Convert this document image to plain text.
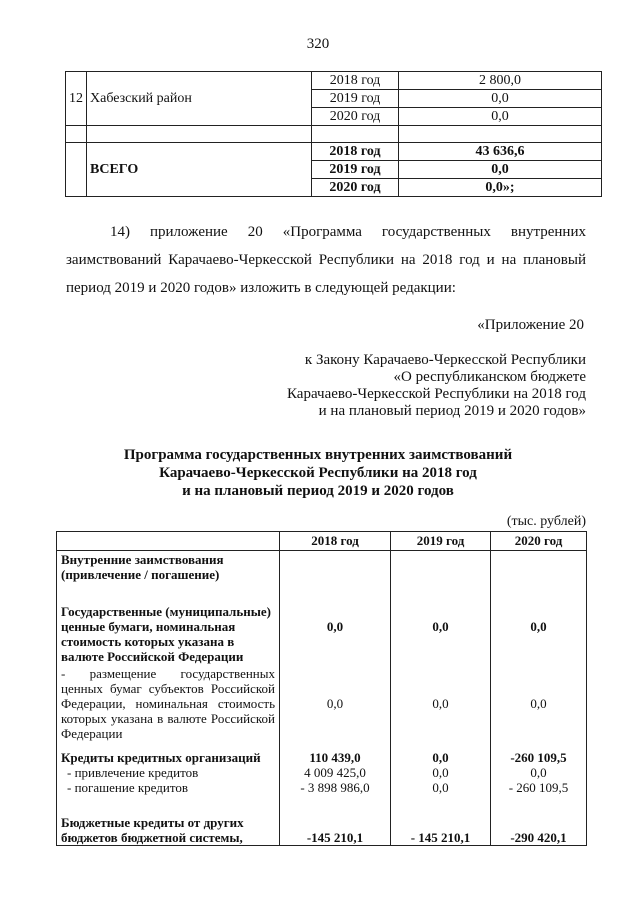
320
12	Хабезский район	2018 год	2 800,0
		2019 год	0,0
		2020 год	0,0

	ВСЕГО	2018 год	43 636,6
		2019 год	0,0
		2020 год	0,0»;

14) приложение 20 «Программа государственных внутренних

заимствований Карачаево-Черкесской Республики на 2018 год и на плановый

период 2019 и 2020 годов» изложить в следующей редакции:

«Приложение 20
к Закону Карачаево-Черкесской Республики
«О республиканском бюджете
Карачаево-Черкесской Республики на 2018 год
и на плановый период 2019 и 2020 годов»
Программа государственных внутренних заимствований
Карачаево-Черкесской Республики на 2018 год
и на плановый период 2019 и 2020 годов
(тыс. рублей)
	2018 год	2019 год	2020 год
Внутренние заимствования (привлечение / погашение)			
Государственные (муниципальные) ценные бумаги, номинальная стоимость которых указана в валюте Российской Федерации	0,0	0,0	0,0
- размещение государственных ценных бумаг субъектов Российской Федерации, номинальная стоимость которых указана в валюте Российской Федерации	0,0	0,0	0,0
Кредиты кредитных организаций	110 439,0	0,0	-260 109,5
- привлечение кредитов	4 009 425,0	0,0	0,0
- погашение кредитов	- 3 898 986,0	0,0	- 260 109,5
Бюджетные кредиты от других бюджетов бюджетной системы,	-145 210,1	- 145 210,1	-290 420,1
